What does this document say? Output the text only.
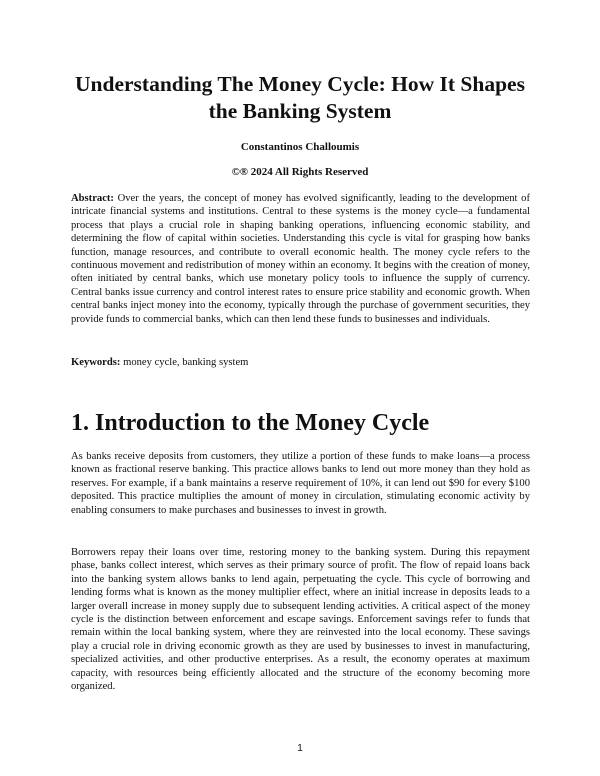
Understanding The Money Cycle: How It Shapes the Banking System
Constantinos Challoumis
©® 2024 All Rights Reserved

Abstract: Over the years, the concept of money has evolved significantly, leading to the development of intricate financial systems and institutions. Central to these systems is the money cycle—a fundamental process that plays a crucial role in shaping banking operations, influencing economic stability, and determining the flow of capital within societies. Understanding this cycle is vital for grasping how banks function, manage resources, and contribute to overall economic health. The money cycle refers to the continuous movement and redistribution of money within an economy. It begins with the creation of money, often initiated by central banks, which use monetary policy tools to influence the supply of currency. Central banks issue currency and control interest rates to ensure price stability and economic growth. When central banks inject money into the economy, typically through the purchase of government securities, they provide funds to commercial banks, which can then lend these funds to businesses and individuals.

Keywords: money cycle, banking system

1. Introduction to the Money Cycle

As banks receive deposits from customers, they utilize a portion of these funds to make loans—a process known as fractional reserve banking. This practice allows banks to lend out more money than they hold as reserves. For example, if a bank maintains a reserve requirement of 10%, it can lend out $90 for every $100 deposited. This practice multiplies the amount of money in circulation, stimulating economic activity by enabling consumers to make purchases and businesses to invest in growth.

Borrowers repay their loans over time, restoring money to the banking system. During this repayment phase, banks collect interest, which serves as their primary source of profit. The flow of repaid loans back into the banking system allows banks to lend again, perpetuating the cycle. This cycle of borrowing and lending forms what is known as the money multiplier effect, where an initial increase in deposits leads to a larger overall increase in money supply due to subsequent lending activities. A critical aspect of the money cycle is the distinction between enforcement and escape savings. Enforcement savings refer to funds that remain within the local banking system, where they are reinvested into the local economy. These savings play a crucial role in driving economic growth as they are used by businesses to invest in manufacturing, specialized activities, and other productive enterprises. As a result, the economy operates at maximum capacity, with resources being efficiently allocated and the structure of the economy becoming more organized.

1
